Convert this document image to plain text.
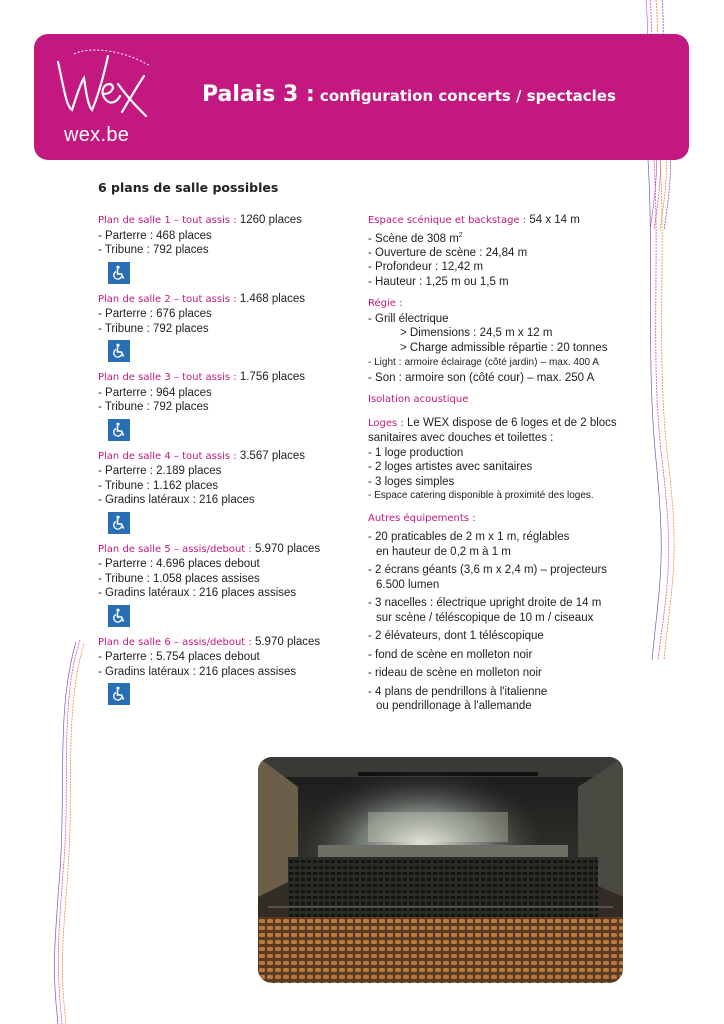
wex.be
Palais 3 : configuration concerts / spectacles
6 plans de salle possibles
Plan de salle 1 – tout assis : 1260 places
- Parterre : 468 places
- Tribune : 792 places
Plan de salle 2 – tout assis : 1.468 places
- Parterre : 676 places
- Tribune : 792 places
Plan de salle 3 – tout assis : 1.756 places
- Parterre : 964 places
- Tribune : 792 places
Plan de salle 4 – tout assis : 3.567 places
- Parterre : 2.189 places
- Tribune : 1.162 places
- Gradins latéraux : 216 places
Plan de salle 5 – assis/debout : 5.970 places
- Parterre : 4.696 places debout
- Tribune : 1.058 places assises
- Gradins latéraux : 216 places assises
Plan de salle 6 – assis/debout : 5.970 places
- Parterre : 5.754 places debout
- Gradins latéraux : 216 places assises
Espace scénique et backstage : 54 x 14 m
- Scène de 308 $m^2$
- Ouverture de scène : 24,84 m
- Profondeur : 12,42 m
- Hauteur : 1,25 m ou 1,5 m
Régie :
- Grill électrique
> Dimensions : 24,5 m x 12 m
> Charge admissible répartie : 20 tonnes
- Light : armoire éclairage (côté jardin) – max. 400 A
- Son : armoire son (côté cour) – max. 250 A
Isolation acoustique
Loges : Le WEX dispose de 6 loges et de 2 blocs sanitaires avec douches et toilettes :
- 1 loge production
- 2 loges artistes avec sanitaires
- 3 loges simples
- Espace catering disponible à proximité des loges.
Autres équipements :
- 20 praticables de 2 m x 1 m, réglables
en hauteur de 0,2 m à 1 m
- 2 écrans géants (3,6 m x 2,4 m) – projecteurs
6.500 lumen
- 3 nacelles : électrique upright droite de 14 m
sur scène / téléscopique de 10 m / ciseaux
- 2 élévateurs, dont 1 téléscopique
- fond de scène en molleton noir
- rideau de scène en molleton noir
- 4 plans de pendrillons à l'italienne
ou pendrillonage à l'allemande
